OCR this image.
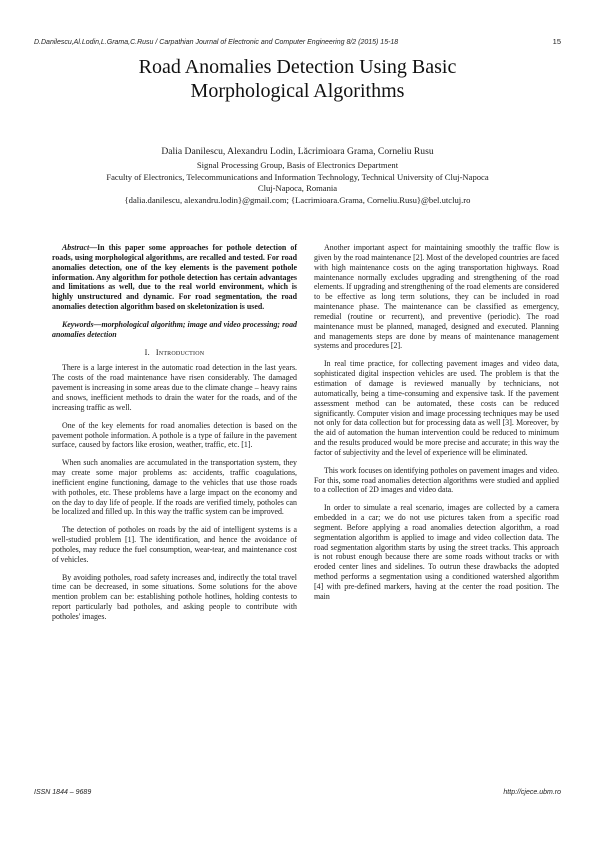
D.Danilescu,Al.Lodin,L.Grama,C.Rusu / Carpathian Journal of Electronic and Computer Engineering 8/2 (2015) 15-18	15
Road Anomalies Detection Using Basic
Morphological Algorithms
Dalia Danilescu, Alexandru Lodin, Lăcrimioara Grama, Corneliu Rusu
Signal Processing Group, Basis of Electronics Department
Faculty of Electronics, Telecommunications and Information Technology, Technical University of Cluj-Napoca
Cluj-Napoca, Romania
{dalia.danilescu, alexandru.lodin}@gmail.com; {Lacrimioara.Grama, Corneliu.Rusu}@bel.utcluj.ro

Abstract—In this paper some approaches for pothole detection of roads, using morphological algorithms, are recalled and tested. For road anomalies detection, one of the key elements is the pavement pothole information. Any algorithm for pothole detection has certain advantages and limitations as well, due to the real world environment, which is highly unstructured and dynamic. For road segmentation, the road anomalies detection algorithm based on skeletonization is used.

Keywords—morphological algorithm; image and video processing; road anomalies detection

I. Introduction

There is a large interest in the automatic road detection in the last years. The costs of the road maintenance have risen considerably. The damaged pavement is increasing in some areas due to the climate change – heavy rains and snows, inefficient methods to drain the water for the roads, and of the increasing traffic as well.

One of the key elements for road anomalies detection is based on the pavement pothole information. A pothole is a type of failure in the pavement surface, caused by factors like erosion, weather, traffic, etc. [1].

When such anomalies are accumulated in the transportation system, they may create some major problems as: accidents, traffic coagulations, inefficient engine functioning, damage to the vehicles that use those roads with potholes, etc. These problems have a large impact on the economy and on the day to day life of people. If the roads are verified timely, potholes can be localized and filled up. In this way the traffic system can be improved.

The detection of potholes on roads by the aid of intelligent systems is a well-studied problem [1]. The identification, and hence the avoidance of potholes, may reduce the fuel consumption, wear-tear, and maintenance cost of vehicles.

By avoiding potholes, road safety increases and, indirectly the total travel time can be decreased, in some situations. Some solutions for the above mention problem can be: establishing pothole hotlines, holding contests to report particularly bad potholes, and asking people to contribute with potholes' images.

Another important aspect for maintaining smoothly the traffic flow is given by the road maintenance [2]. Most of the developed countries are faced with high maintenance costs on the aging transportation highways. Road maintenance normally excludes upgrading and strengthening of the road elements. If upgrading and strengthening of the road elements are considered to be effective as long term solutions, they can be included in road maintenance phase. The maintenance can be classified as emergency, remedial (routine or recurrent), and preventive (periodic). The road maintenance must be planned, managed, designed and executed. Planning and managements steps are done by means of maintenance management systems and procedures [2].

In real time practice, for collecting pavement images and video data, sophisticated digital inspection vehicles are used. The problem is that the estimation of damage is reviewed manually by technicians, not automatically, being a time-consuming and expensive task. If the pavement assessment method can be automated, these costs can be reduced significantly. Computer vision and image processing techniques may be used not only for data collection but for processing data as well [3]. Moreover, by the aid of automation the human intervention could be reduced to minimum and the results produced would be more precise and accurate; in this way the factor of subjectivity and the level of experience will be eliminated.

This work focuses on identifying potholes on pavement images and video. For this, some road anomalies detection algorithms were studied and applied to a collection of 2D images and video data.

In order to simulate a real scenario, images are collected by a camera embedded in a car; we do not use pictures taken from a specific road segment. Before applying a road anomalies detection algorithm, a road segmentation algorithm is applied to image and video collection data. The road segmentation algorithm starts by using the street tracks. This approach is not robust enough because there are some roads without tracks or with eroded center lines and sidelines. To outrun these drawbacks the adopted method performs a segmentation using a conditioned watershed algorithm [4] with pre-defined markers, having at the center the road position. The main

ISSN 1844 – 9689	http://cjece.ubm.ro
